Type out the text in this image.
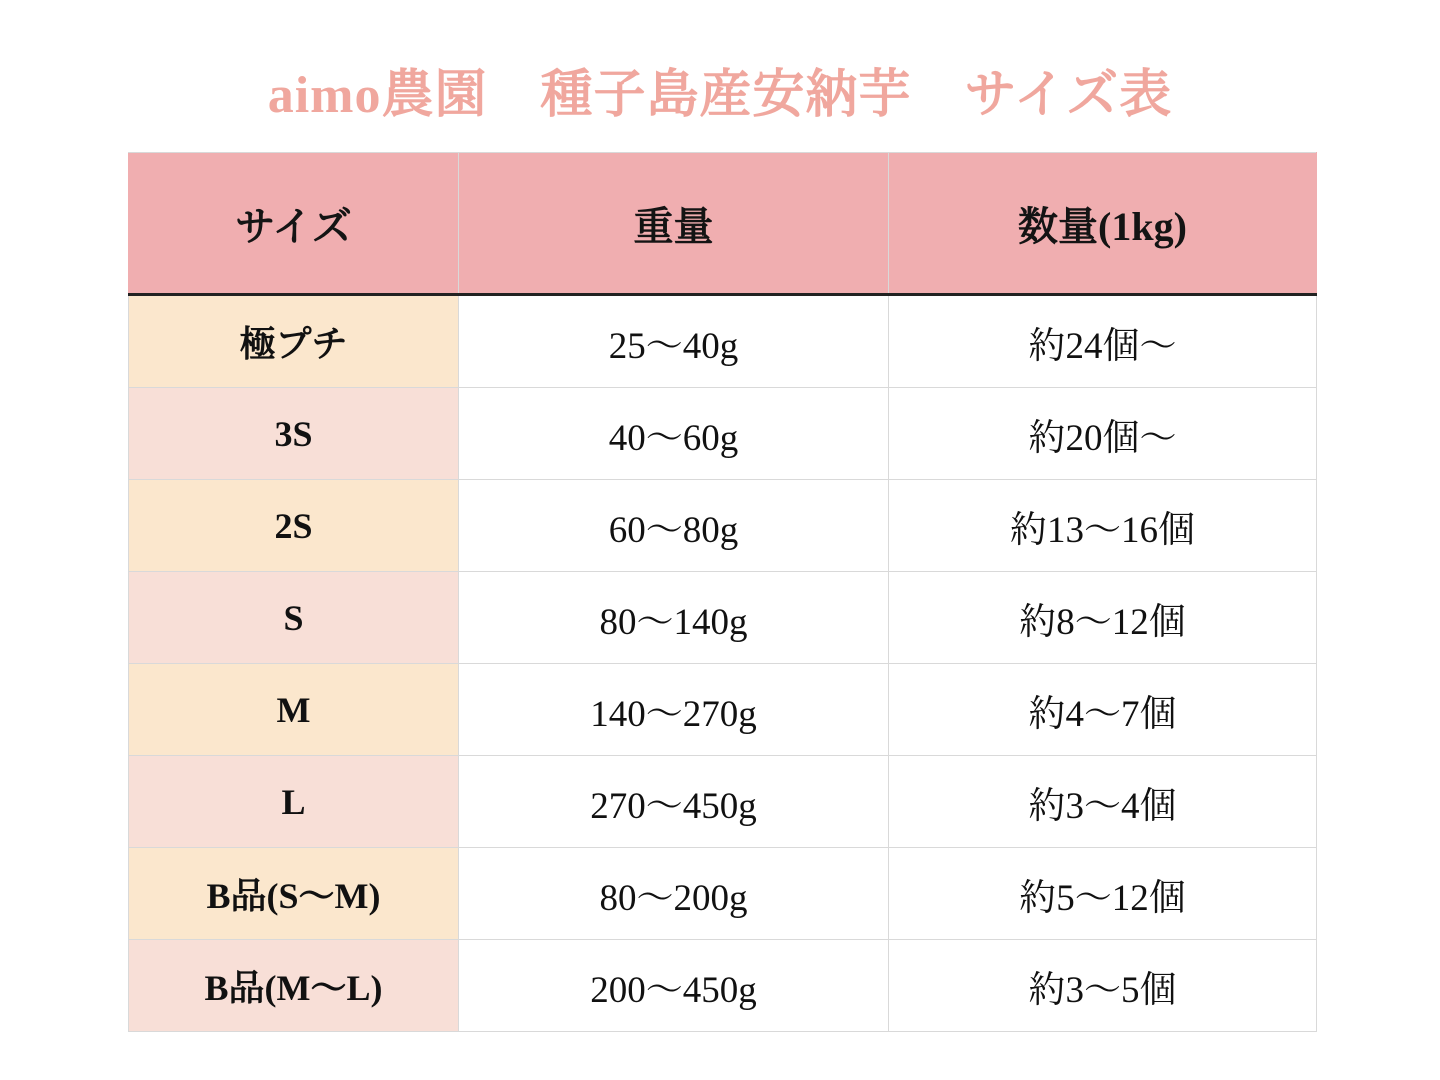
aimo農園　種子島産安納芋　サイズ表
サイズ	重量	数量(1kg)
極プチ	25〜40g	約24個〜
3S	40〜60g	約20個〜
2S	60〜80g	約13〜16個
S	80〜140g	約8〜12個
M	140〜270g	約4〜7個
L	270〜450g	約3〜4個
B品(S〜M)	80〜200g	約5〜12個
B品(M〜L)	200〜450g	約3〜5個
